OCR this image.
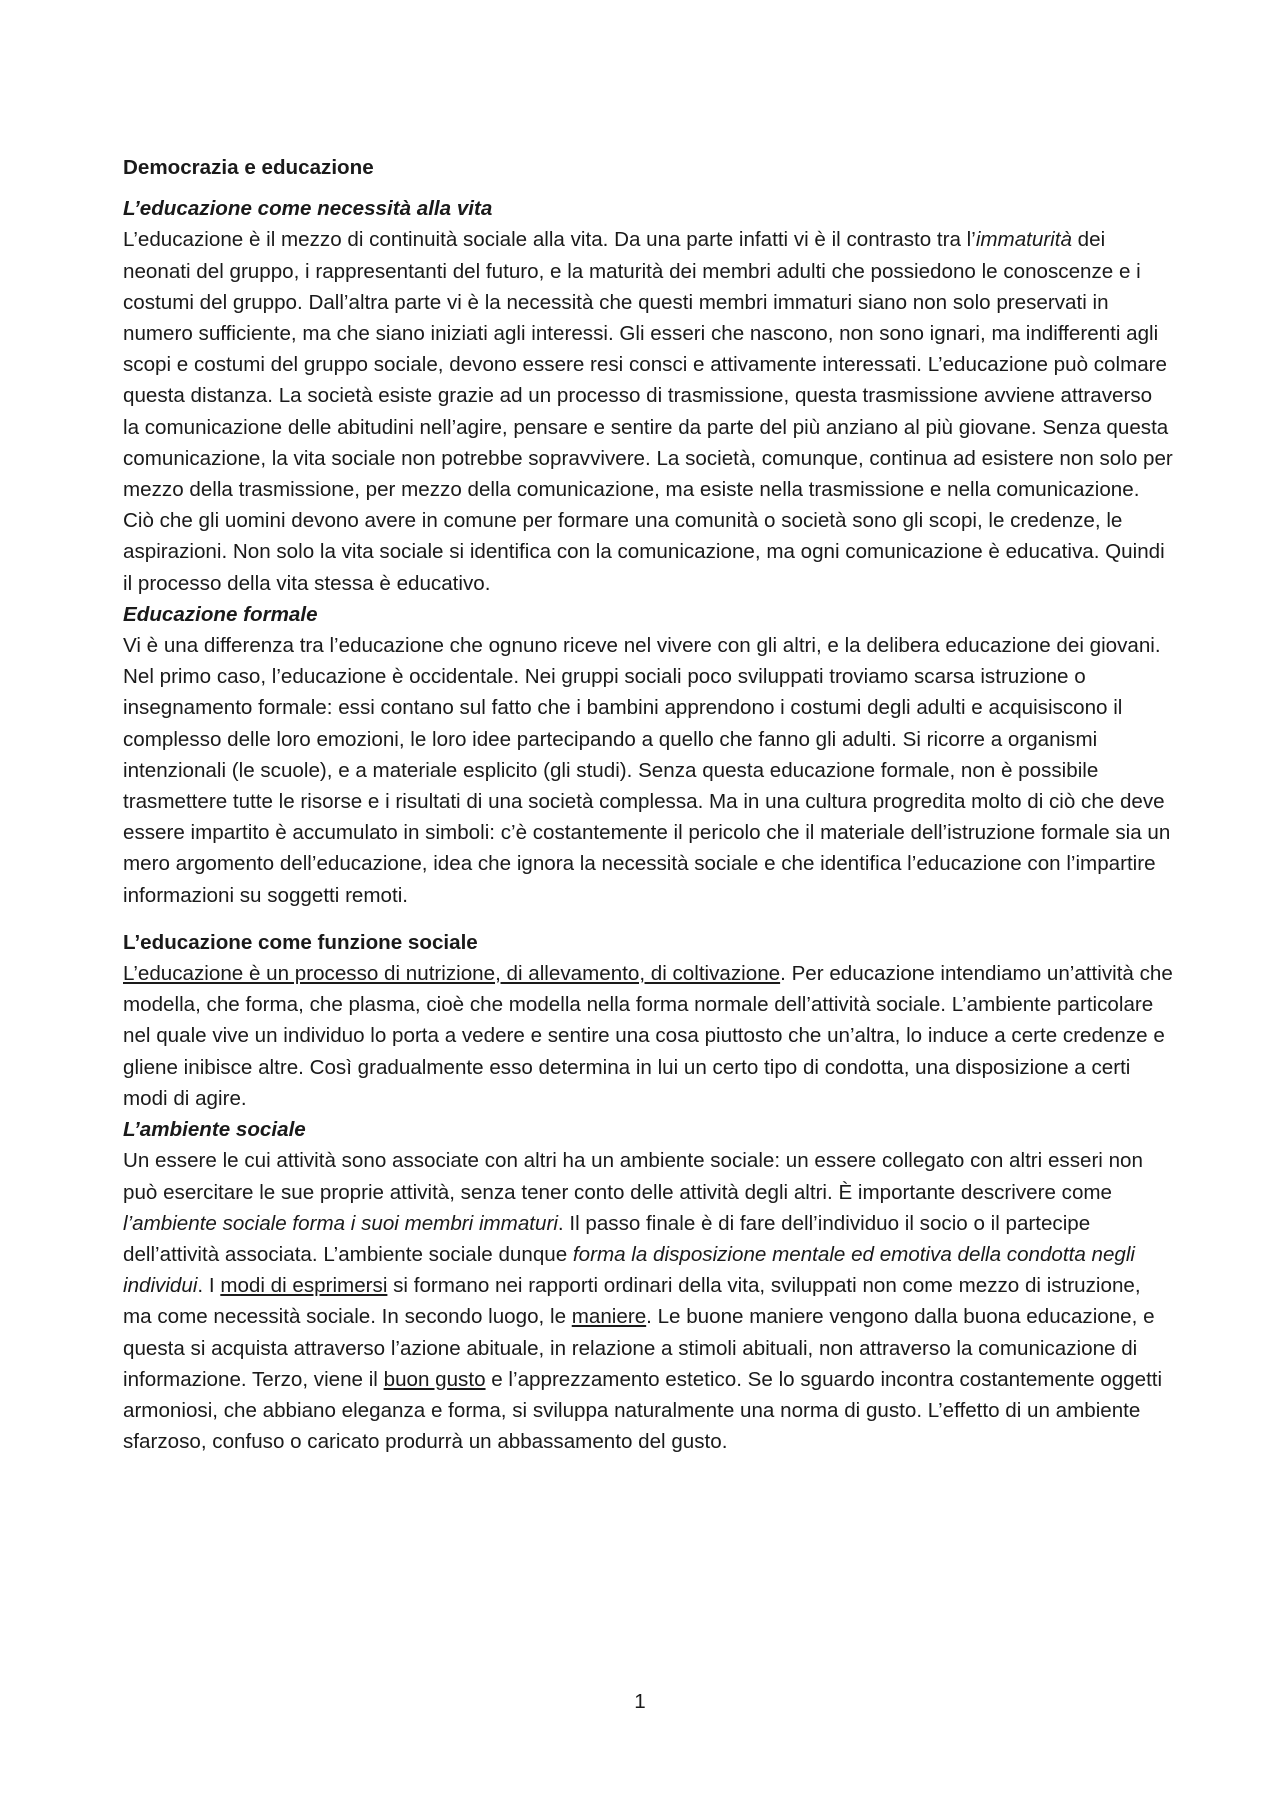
Democrazia e educazione

L’educazione come necessità alla vita

L’educazione è il mezzo di continuità sociale alla vita. Da una parte infatti vi è il contrasto tra l’immaturità dei neonati del gruppo, i rappresentanti del futuro, e la maturità dei membri adulti che possiedono le conoscenze e i costumi del gruppo. Dall’altra parte vi è la necessità che questi membri immaturi siano non solo preservati in numero sufficiente, ma che siano iniziati agli interessi. Gli esseri che nascono, non sono ignari, ma indifferenti agli scopi e costumi del gruppo sociale, devono essere resi consci e attivamente interessati. L’educazione può colmare questa distanza. La società esiste grazie ad un processo di trasmissione, questa trasmissione avviene attraverso la comunicazione delle abitudini nell’agire, pensare e sentire da parte del più anziano al più giovane. Senza questa comunicazione, la vita sociale non potrebbe sopravvivere. La società, comunque, continua ad esistere non solo per mezzo della trasmissione, per mezzo della comunicazione, ma esiste nella trasmissione e nella comunicazione. Ciò che gli uomini devono avere in comune per formare una comunità o società sono gli scopi, le credenze, le aspirazioni. Non solo la vita sociale si identifica con la comunicazione, ma ogni comunicazione è educativa. Quindi il processo della vita stessa è educativo.

Educazione formale

Vi è una differenza tra l’educazione che ognuno riceve nel vivere con gli altri, e la delibera educazione dei giovani. Nel primo caso, l’educazione è occidentale. Nei gruppi sociali poco sviluppati troviamo scarsa istruzione o insegnamento formale: essi contano sul fatto che i bambini apprendono i costumi degli adulti e acquisiscono il complesso delle loro emozioni, le loro idee partecipando a quello che fanno gli adulti. Si ricorre a organismi intenzionali (le scuole), e a materiale esplicito (gli studi). Senza questa educazione formale, non è possibile trasmettere tutte le risorse e i risultati di una società complessa. Ma in una cultura progredita molto di ciò che deve essere impartito è accumulato in simboli: c’è costantemente il pericolo che il materiale dell’istruzione formale sia un mero argomento dell’educazione, idea che ignora la necessità sociale e che identifica l’educazione con l’impartire informazioni su soggetti remoti.

L’educazione come funzione sociale

L’educazione è un processo di nutrizione, di allevamento, di coltivazione. Per educazione intendiamo un’attività che modella, che forma, che plasma, cioè che modella nella forma normale dell’attività sociale. L’ambiente particolare nel quale vive un individuo lo porta a vedere e sentire una cosa piuttosto che un’altra, lo induce a certe credenze e gliene inibisce altre. Così gradualmente esso determina in lui un certo tipo di condotta, una disposizione a certi modi di agire.

L’ambiente sociale

Un essere le cui attività sono associate con altri ha un ambiente sociale: un essere collegato con altri esseri non può esercitare le sue proprie attività, senza tener conto delle attività degli altri. È importante descrivere come l’ambiente sociale forma i suoi membri immaturi. Il passo finale è di fare dell’individuo il socio o il partecipe dell’attività associata. L’ambiente sociale dunque forma la disposizione mentale ed emotiva della condotta negli individui. I modi di esprimersi si formano nei rapporti ordinari della vita, sviluppati non come mezzo di istruzione, ma come necessità sociale. In secondo luogo, le maniere. Le buone maniere vengono dalla buona educazione, e questa si acquista attraverso l’azione abituale, in relazione a stimoli abituali, non attraverso la comunicazione di informazione. Terzo, viene il buon gusto e l’apprezzamento estetico. Se lo sguardo incontra costantemente oggetti armoniosi, che abbiano eleganza e forma, si sviluppa naturalmente una norma di gusto. L’effetto di un ambiente sfarzoso, confuso o caricato produrrà un abbassamento del gusto.

1
